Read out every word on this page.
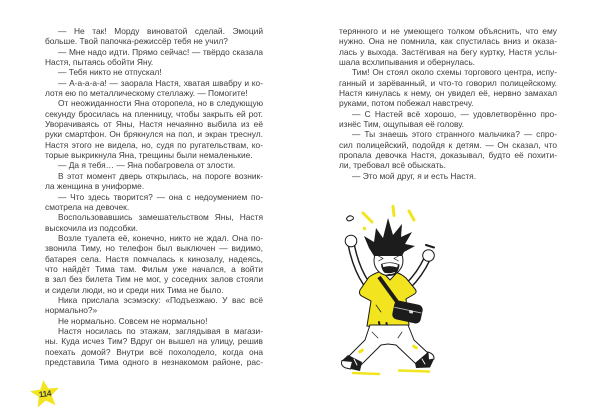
— Не так! Морду виноватой сделай. Эмоций
больше. Твой папочка-режиссёр тебя не учил?
— Мне надо идти. Прямо сейчас! — твёрдо сказала
Настя, пытаясь обойти Яну.
— Тебя никто не отпускал!
— А-а-а-а-а! — заорала Настя, хватая швабру и ко-
лотя ею по металлическому стеллажу. — Помогите!
От неожиданности Яна оторопела, но в следующую
секунду бросилась на пленницу, чтобы закрыть ей рот.
Уворачиваясь от Яны, Настя нечаянно выбила из её
руки смартфон. Он брякнулся на пол, и экран треснул.
Настя этого не видела, но, судя по ругательствам, ко-
торые выкрикнула Яна, трещины были немаленькие.
— Да я тебя… — Яна побагровела от злости.
В этот момент дверь открылась, на пороге возник-
ла женщина в униформе.
— Что здесь творится? — она с недоумением по-
смотрела на девочек.
Воспользовавшись замешательством Яны, Настя
выскочила из подсобки.
Возле туалета её, конечно, никто не ждал. Она по-
звонила Тиму, но телефон был выключен — видимо,
батарея села. Настя помчалась к кинозалу, надеясь,
что найдёт Тима там. Фильм уже начался, а войти
в зал без билета Тим не мог, у соседних залов стояли
и сидели люди, но и среди них Тима не было.
Ника прислала эсэмэску: «Подъезжаю. У вас всё
нормально?»
Не нормально. Совсем не нормально!
Настя носилась по этажам, заглядывая в магази-
ны. Куда исчез Тим? Вдруг он вышел на улицу, решив
поехать домой? Внутри всё похолодело, когда она
представила Тима одного в незнакомом районе, рас-
114
терянного и не умеющего толком объяснить, что ему
нужно. Она не помнила, как спустилась вниз и оказа-
лась у выхода. Застёгивая на бегу куртку, Настя услы-
шала всхлипывания и обернулась.
Тим! Он стоял около схемы торгового центра, испу-
ганный и зарёванный, и что-то говорил полицейскому.
Настя кинулась к нему, он увидел её, нервно замахал
руками, потом побежал навстречу.
— С Настей всё хорошо, — удовлетворённо про-
изнёс Тим, ощупывая её голову.
— Ты знаешь этого странного мальчика? — спро-
сил полицейский, подойдя к детям. — Он сказал, что
пропала девочка Настя, доказывал, будто её похити-
ли, требовал всё обыскать.
— Это мой друг, я и есть Настя.
